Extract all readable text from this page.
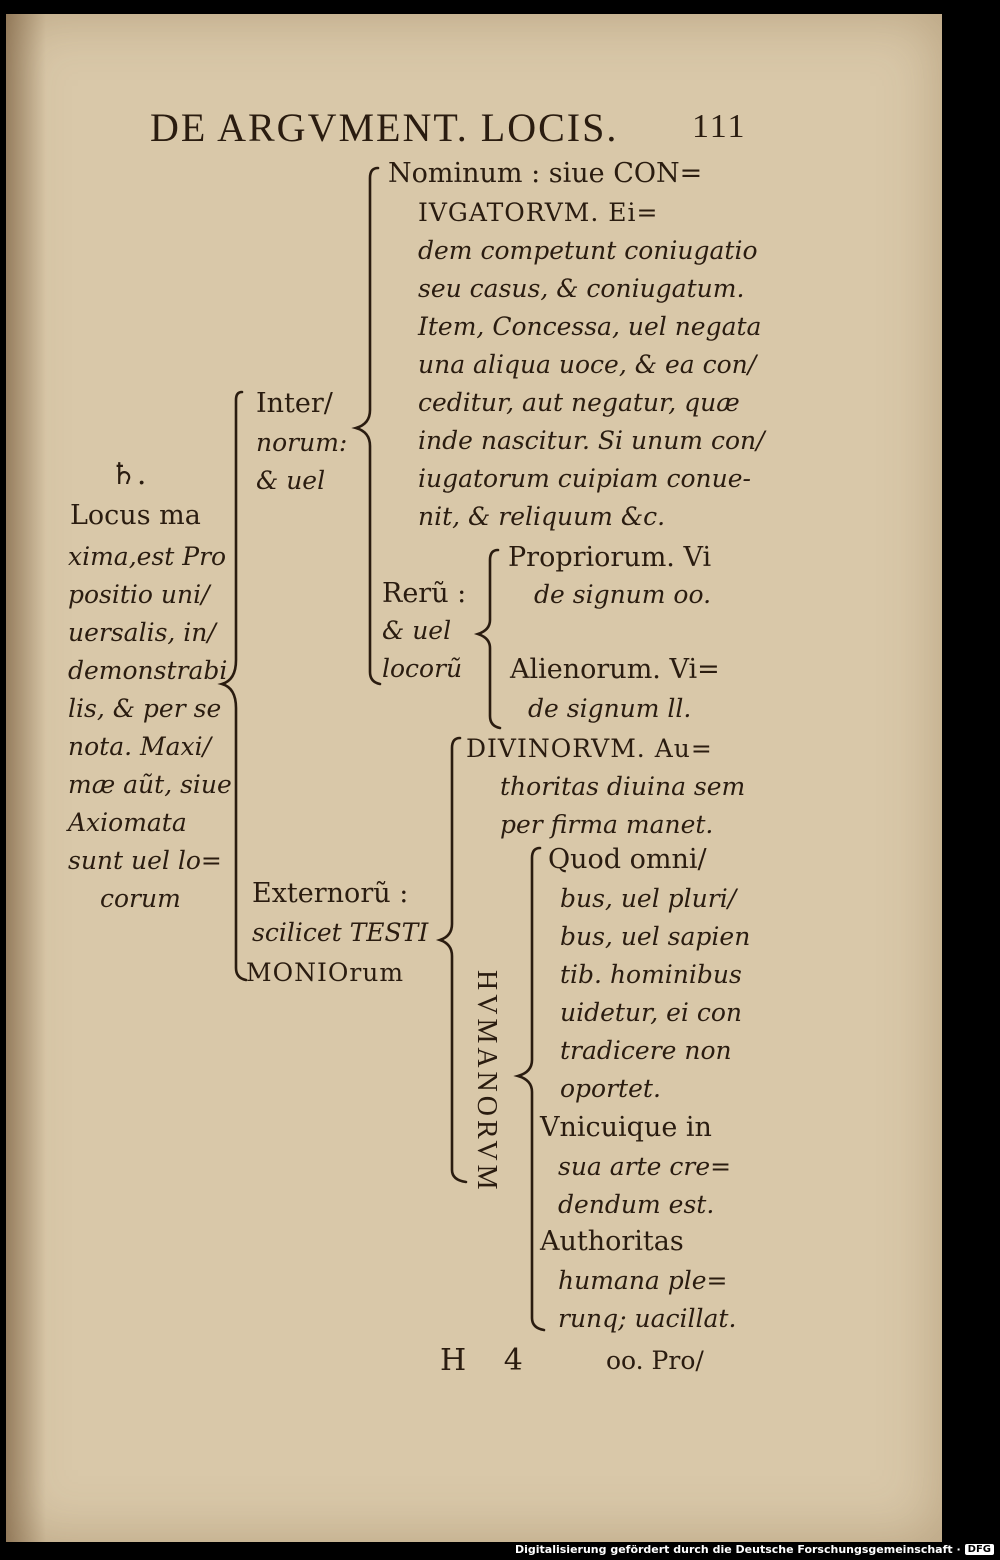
DE ARGVMENT. LOCIS. 111
♄.
Locus ma
xima,est Pro
positio uni/
uersalis, in/
demonstrabi
lis, & per se
nota. Maxi/
mæ aũt, siue
Axiomata
sunt uel lo=
corum
Inter/
norum:
& uel
Nominum : siue CON=
IVGATORVM. Ei=
dem competunt coniugatio
seu casus, & coniugatum.
Item, Concessa, uel negata
una aliqua uoce, & ea con/
ceditur, aut negatur, quæ
inde nascitur. Si unum con/
iugatorum cuipiam conue-
nit, & reliquum &c.
Rerũ :
& uel
locorũ
Propriorum. Vi
de signum oo.
Alienorum. Vi=
de signum ll.
Externorũ :
scilicet TESTI
MONIOrum
DIVINORVM. Au=
thoritas diuina sem
per firma manet.
HVMANORVM
Quod omni/
bus, uel pluri/
bus, uel sapien
tib. hominibus
uidetur, ei con
tradicere non
oportet.
Vnicuique in
sua arte cre=
dendum est.
Authoritas
humana ple=
runq; uacillat.
H 4	oo. Pro/
Digitalisierung gefördert durch die Deutsche Forschungsgemeinschaft · DFG
